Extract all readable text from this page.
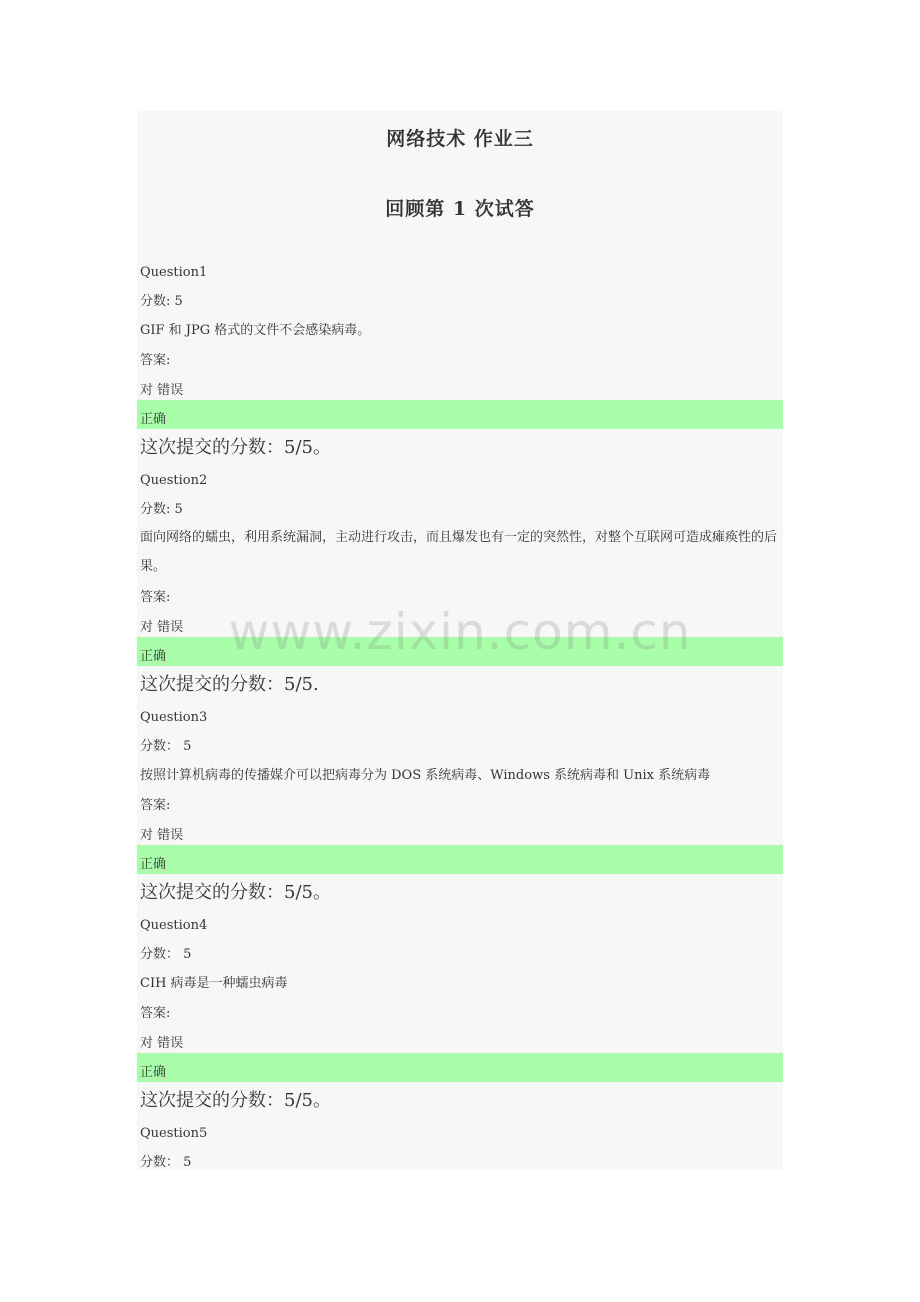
网络技术 作业三
回顾第 1 次试答
Question1
分数: 5
GIF 和 JPG 格式的文件不会感染病毒。
答案:
对 错误
正确
这次提交的分数：5/5。
Question2
分数: 5
面向网络的蠕虫，利用系统漏洞，主动进行攻击，而且爆发也有一定的突然性，对整个互联网可造成瘫痪性的后果。
答案:
对 错误
正确
这次提交的分数：5/5.
Question3
分数： 5
按照计算机病毒的传播媒介可以把病毒分为 DOS 系统病毒、Windows 系统病毒和 Unix 系统病毒
答案:
对 错误
正确
这次提交的分数：5/5。
Question4
分数： 5
CIH 病毒是一种蠕虫病毒
答案:
对 错误
正确
这次提交的分数：5/5。
Question5
分数： 5
www.zixin.com.cn
